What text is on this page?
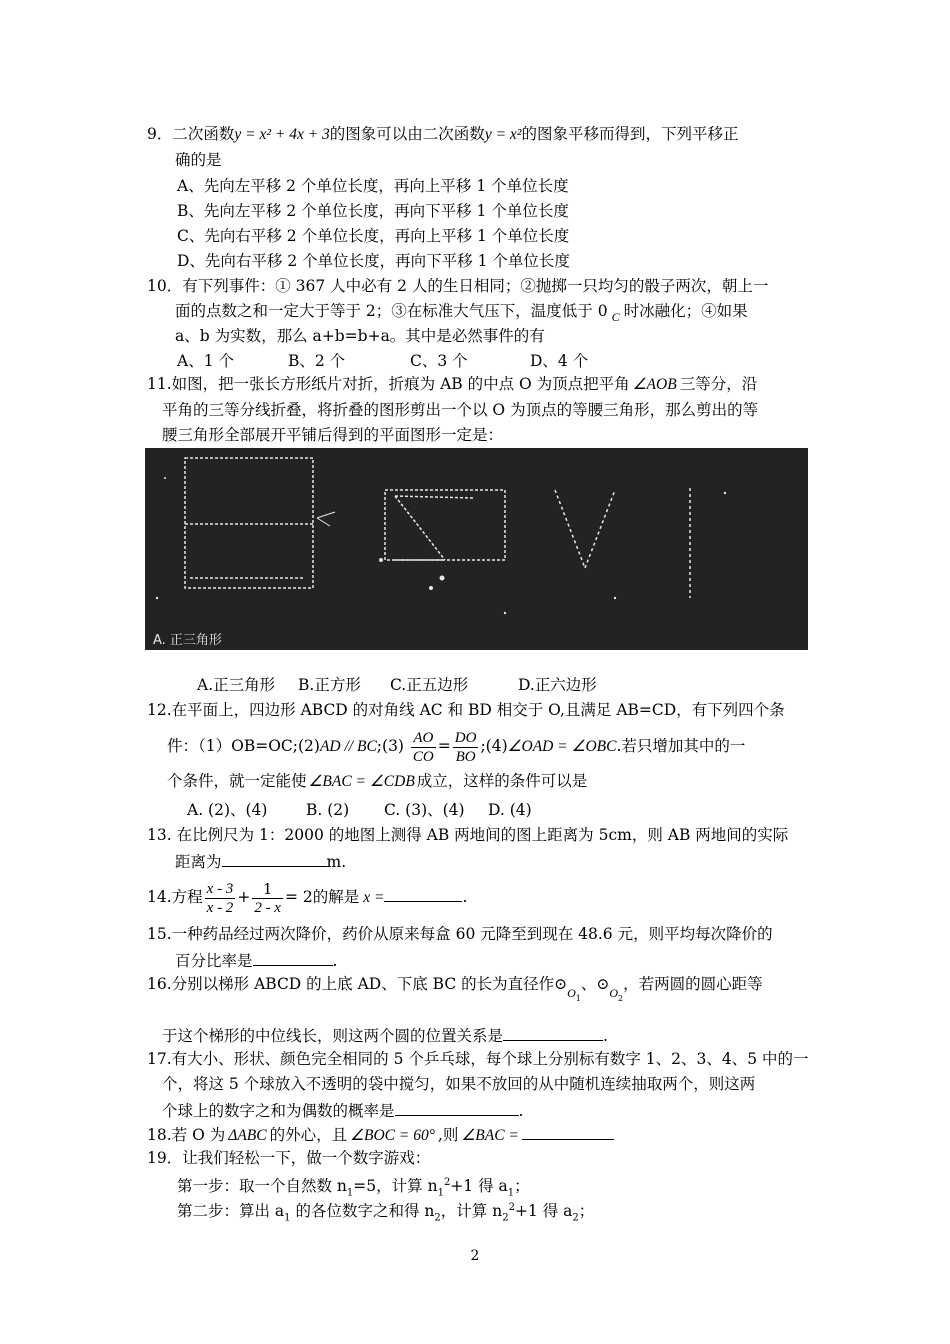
9．二次函数y = x² + 4x + 3的图象可以由二次函数y = x²的图象平移而得到，下列平移正
确的是
A、先向左平移 2 个单位长度，再向上平移 1 个单位长度
B、先向左平移 2 个单位长度，再向下平移 1 个单位长度
C、先向右平移 2 个单位长度，再向上平移 1 个单位长度
D、先向右平移 2 个单位长度，再向下平移 1 个单位长度
10．有下列事件：① 367 人中必有 2 人的生日相同；②抛掷一只均匀的骰子两次，朝上一
面的点数之和一定大于等于 2；③在标准大气压下，温度低于 0 $_C$ 时冰融化；④如果
a、b 为实数，那么 a+b=b+a。其中是必然事件的有
A、1 个	B、2 个	C、3 个	D、4 个
11.如图，把一张长方形纸片对折，折痕为 AB 的中点 O 为顶点把平角 ∠AOB 三等分，沿
平角的三等分线折叠，将折叠的图形剪出一个以 O 为顶点的等腰三角形，那么剪出的等
腰三角形全部展开平铺后得到的平面图形一定是：
A. 正三角形
A.正三角形 B.正方形 C.正五边形	D.正六边形
12.在平面上，四边形 ABCD 的对角线 AC 和 BD 相交于 O,且满足 AB=CD，有下列四个条
件：（1）OB=OC;(2)AD // BC;(3) $\frac{AO}{CO} = \frac{DO}{BO}$ ;(4)∠OAD = ∠OBC.若只增加其中的一
个条件，就一定能使 ∠BAC = ∠CDB 成立，这样的条件可以是
A. (2)、(4) B. (2) C. (3)、(4) D. (4)
13. 在比例尺为 1：2000 的地图上测得 AB 两地间的图上距离为 5cm，则 AB 两地间的实际
距离为	m.
14.方程 $\frac{x - 3}{x - 2} + \frac{1}{2 - x} = 2$的解是 x =	.
15.一种药品经过两次降价，药价从原来每盒 60 元降至到现在 48.6 元，则平均每次降价的
百分比率是	.
16.分别以梯形 ABCD 的上底 AD、下底 BC 的长为直径作$⊙_{O1}$、$⊙_{O2}$，若两圆的圆心距等
于这个梯形的中位线长，则这两个圆的位置关系是	.
17.有大小、形状、颜色完全相同的 5 个乒乓球，每个球上分别标有数字 1、2、3、4、5 中的一
个，将这 5 个球放入不透明的袋中搅匀，如果不放回的从中随机连续抽取两个，则这两
个球上的数字之和为偶数的概率是	.
18.若 O 为 ΔABC 的外心，且 ∠BOC = 60° ,则 ∠BAC =
19．让我们轻松一下，做一个数字游戏：
第一步：取一个自然数 $n_1=5$，计算 $n_1^2+1$ 得 $a_1$；
第二步：算出 $a_1$ 的各位数字之和得 $n_2$，计算 $n_2^2+1$ 得 $a_2$；
2
